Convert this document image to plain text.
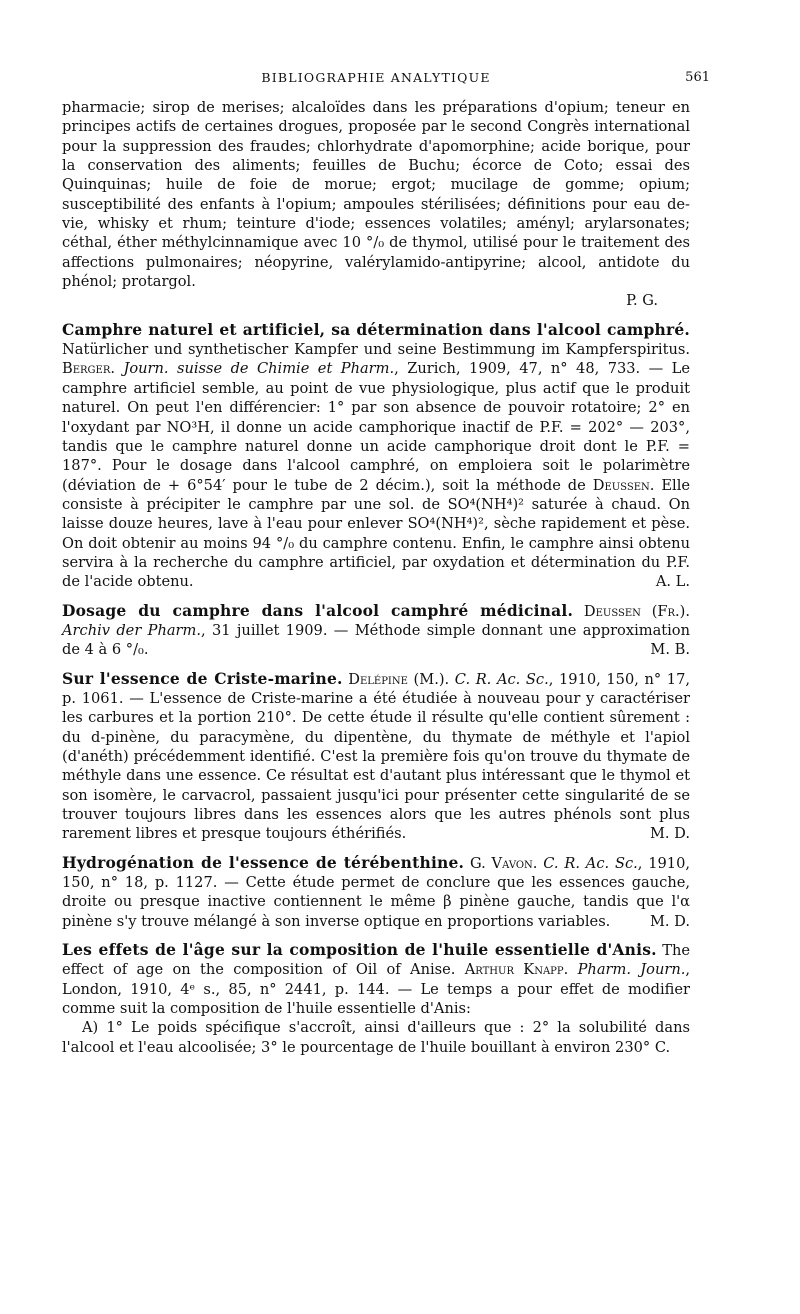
BIBLIOGRAPHIE ANALYTIQUE	561

pharmacie; sirop de merises; alcaloïdes dans les préparations d'opium; teneur en principes actifs de certaines drogues, proposée par le second Congrès international pour la suppression des fraudes; chlorhydrate d'apomorphine; acide borique, pour la conservation des aliments; feuilles de Buchu; écorce de Coto; essai des Quinquinas; huile de foie de morue; ergot; mucilage de gomme; opium; susceptibilité des enfants à l'opium; ampoules stérilisées; définitions pour eau de-vie, whisky et rhum; teinture d'iode; essences volatiles; aményl; arylarsonates; céthal, éther méthylcinnamique avec 10 °/₀ de thymol, utilisé pour le traitement des affections pulmonaires; néopyrine, valérylamido-antipyrine; alcool, antidote du phénol; protargol.

P. G.

Camphre naturel et artificiel, sa détermination dans l'alcool camphré. Natürlicher und synthetischer Kampfer und seine Bestimmung im Kampferspiritus. Berger. Journ. suisse de Chimie et Pharm., Zurich, 1909, 47, n° 48, 733. — Le camphre artificiel semble, au point de vue physiologique, plus actif que le produit naturel. On peut l'en différencier: 1° par son absence de pouvoir rotatoire; 2° en l'oxydant par NO³H, il donne un acide camphorique inactif de P.F. = 202° — 203°, tandis que le camphre naturel donne un acide camphorique droit dont le P.F. = 187°. Pour le dosage dans l'alcool camphré, on emploiera soit le polarimètre (déviation de + 6°54′ pour le tube de 2 décim.), soit la méthode de Deussen. Elle consiste à précipiter le camphre par une sol. de SO⁴(NH⁴)² saturée à chaud. On laisse douze heures, lave à l'eau pour enlever SO⁴(NH⁴)², sèche rapidement et pèse. On doit obtenir au moins 94 °/₀ du camphre contenu. Enfin, le camphre ainsi obtenu servira à la recherche du camphre artificiel, par oxydation et détermination du P.F. de l'acide obtenu.	A. L.

Dosage du camphre dans l'alcool camphré médicinal. Deussen (Fr.). Archiv der Pharm., 31 juillet 1909. — Méthode simple donnant une approximation de 4 à 6 °/₀.	M. B.

Sur l'essence de Criste-marine. Delépine (M.). C. R. Ac. Sc., 1910, 150, n° 17, p. 1061. — L'essence de Criste-marine a été étudiée à nouveau pour y caractériser les carbures et la portion 210°. De cette étude il résulte qu'elle contient sûrement : du d-pinène, du paracymène, du dipentène, du thymate de méthyle et l'apiol (d'anéth) précédemment identifié. C'est la première fois qu'on trouve du thymate de méthyle dans une essence. Ce résultat est d'autant plus intéressant que le thymol et son isomère, le carvacrol, passaient jusqu'ici pour présenter cette singularité de se trouver toujours libres dans les essences alors que les autres phénols sont plus rarement libres et presque toujours éthérifiés.	M. D.

Hydrogénation de l'essence de térébenthine. G. Vavon. C. R. Ac. Sc., 1910, 150, n° 18, p. 1127. — Cette étude permet de conclure que les essences gauche, droite ou presque inactive contiennent le même β pinène gauche, tandis que l'α pinène s'y trouve mélangé à son inverse optique en proportions variables.	M. D.

Les effets de l'âge sur la composition de l'huile essentielle d'Anis. The effect of age on the composition of Oil of Anise. Arthur Knapp. Pharm. Journ., London, 1910, 4ᵉ s., 85, n° 2441, p. 144. — Le temps a pour effet de modifier comme suit la composition de l'huile essentielle d'Anis:

A) 1° Le poids spécifique s'accroît, ainsi d'ailleurs que : 2° la solubilité dans l'alcool et l'eau alcoolisée; 3° le pourcentage de l'huile bouillant à environ 230° C.
